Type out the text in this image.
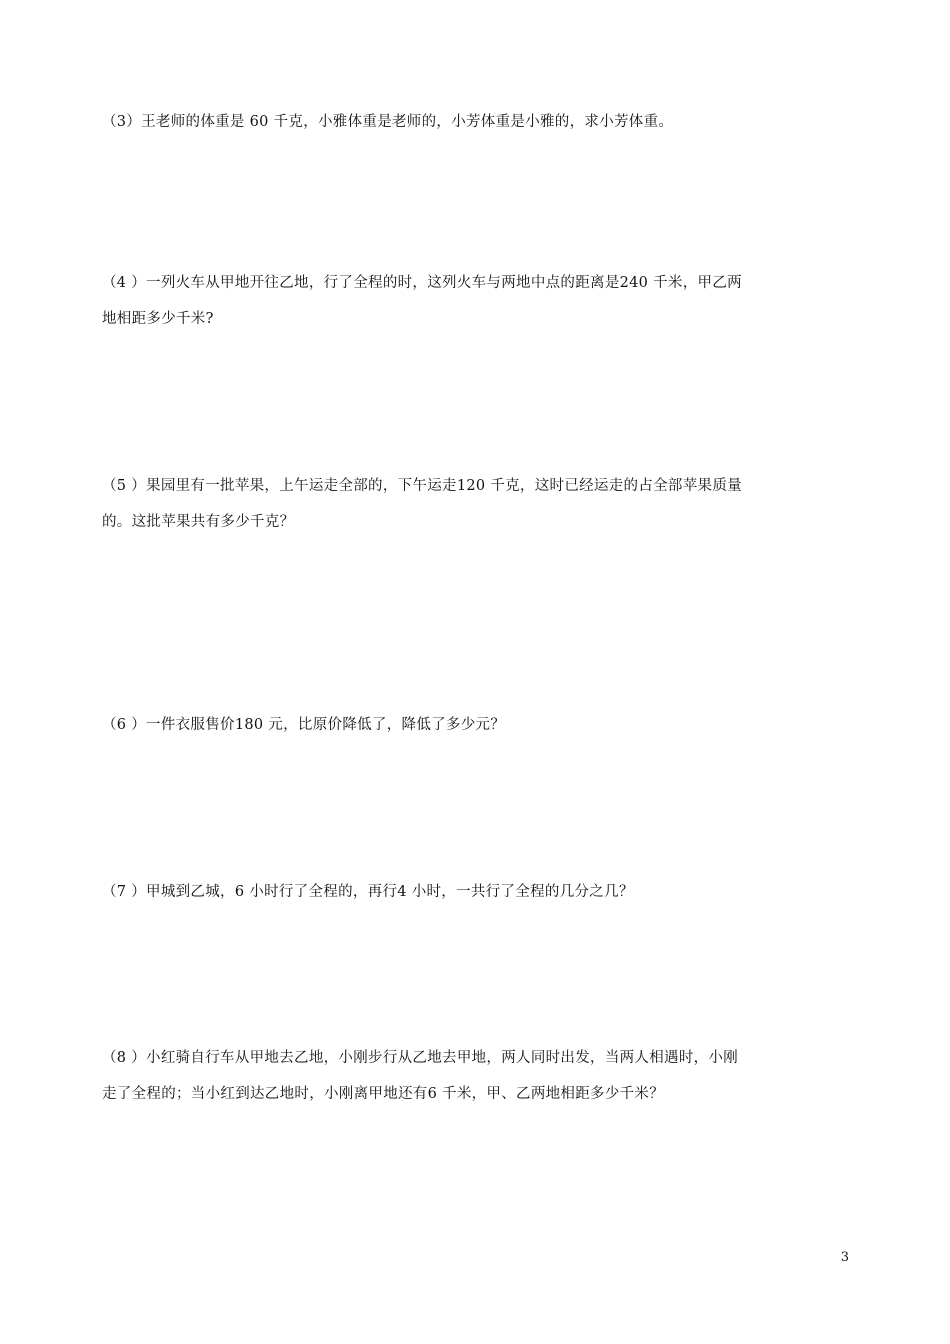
（3）王老师的体重是 60 千克，小雅体重是老师的，小芳体重是小雅的，求小芳体重。
（4 ）一列火车从甲地开往乙地，行了全程的时，这列火车与两地中点的距离是240 千米，甲乙两
地相距多少千米?
（5 ）果园里有一批苹果，上午运走全部的，下午运走120 千克，这时已经运走的占全部苹果质量
的。这批苹果共有多少千克？
（6 ）一件衣服售价180 元，比原价降低了，降低了多少元？
（7 ）甲城到乙城，6 小时行了全程的，再行4 小时，一共行了全程的几分之几？
（8 ）小红骑自行车从甲地去乙地，小刚步行从乙地去甲地，两人同时出发，当两人相遇时，小刚
走了全程的；当小红到达乙地时，小刚离甲地还有6 千米，甲、乙两地相距多少千米？
3
